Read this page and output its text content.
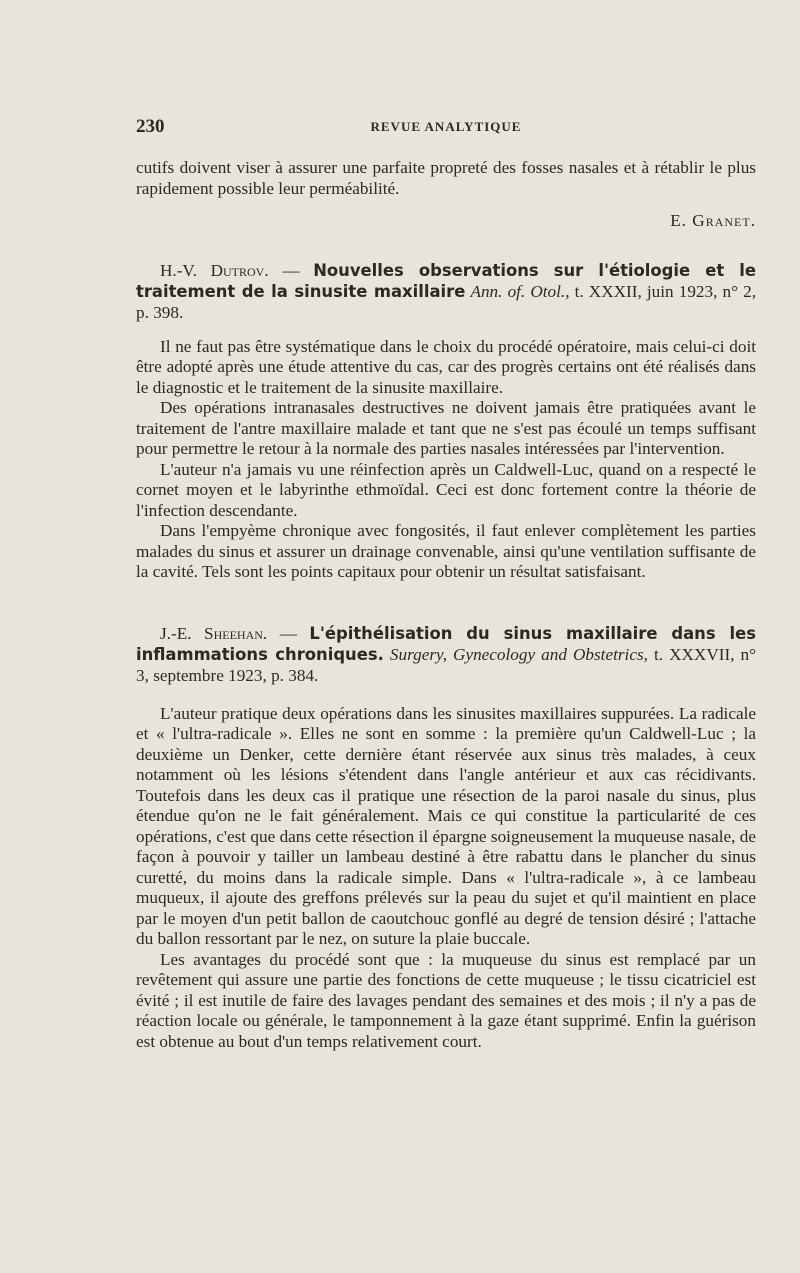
230	REVUE ANALYTIQUE

cutifs doivent viser à assurer une parfaite propreté des fosses nasales et à rétablir le plus rapidement possible leur perméabilité.

E. Granet.

H.-V. Dutrov. — Nouvelles observations sur l'étiologie et le traitement de la sinusite maxillaire Ann. of. Otol., t. XXXII, juin 1923, n° 2, p. 398.

Il ne faut pas être systématique dans le choix du procédé opératoire, mais celui-ci doit être adopté après une étude attentive du cas, car des progrès certains ont été réalisés dans le diagnostic et le traitement de la sinusite maxillaire.

Des opérations intranasales destructives ne doivent jamais être pratiquées avant le traitement de l'antre maxillaire malade et tant que ne s'est pas écoulé un temps suffisant pour permettre le retour à la normale des parties nasales intéressées par l'intervention.

L'auteur n'a jamais vu une réinfection après un Caldwell-Luc, quand on a respecté le cornet moyen et le labyrinthe ethmoïdal. Ceci est donc fortement contre la théorie de l'infection descendante.

Dans l'empyème chronique avec fongosités, il faut enlever complètement les parties malades du sinus et assurer un drainage convenable, ainsi qu'une ventilation suffisante de la cavité. Tels sont les points capitaux pour obtenir un résultat satisfaisant.

J.-E. Sheehan. — L'épithélisation du sinus maxillaire dans les inflammations chroniques. Surgery, Gynecology and Obstetrics, t. XXXVII, n° 3, septembre 1923, p. 384.

L'auteur pratique deux opérations dans les sinusites maxillaires suppurées. La radicale et « l'ultra-radicale ». Elles ne sont en somme : la première qu'un Caldwell-Luc ; la deuxième un Denker, cette dernière étant réservée aux sinus très malades, à ceux notamment où les lésions s'étendent dans l'angle antérieur et aux cas récidivants. Toutefois dans les deux cas il pratique une résection de la paroi nasale du sinus, plus étendue qu'on ne le fait généralement. Mais ce qui constitue la particularité de ces opérations, c'est que dans cette résection il épargne soigneusement la muqueuse nasale, de façon à pouvoir y tailler un lambeau destiné à être rabattu dans le plancher du sinus curetté, du moins dans la radicale simple. Dans « l'ultra-radicale », à ce lambeau muqueux, il ajoute des greffons prélevés sur la peau du sujet et qu'il maintient en place par le moyen d'un petit ballon de caoutchouc gonflé au degré de tension désiré ; l'attache du ballon ressortant par le nez, on suture la plaie buccale.

Les avantages du procédé sont que : la muqueuse du sinus est remplacé par un revêtement qui assure une partie des fonctions de cette muqueuse ; le tissu cicatriciel est évité ; il est inutile de faire des lavages pendant des semaines et des mois ; il n'y a pas de réaction locale ou générale, le tamponnement à la gaze étant supprimé. Enfin la guérison est obtenue au bout d'un temps relativement court.
